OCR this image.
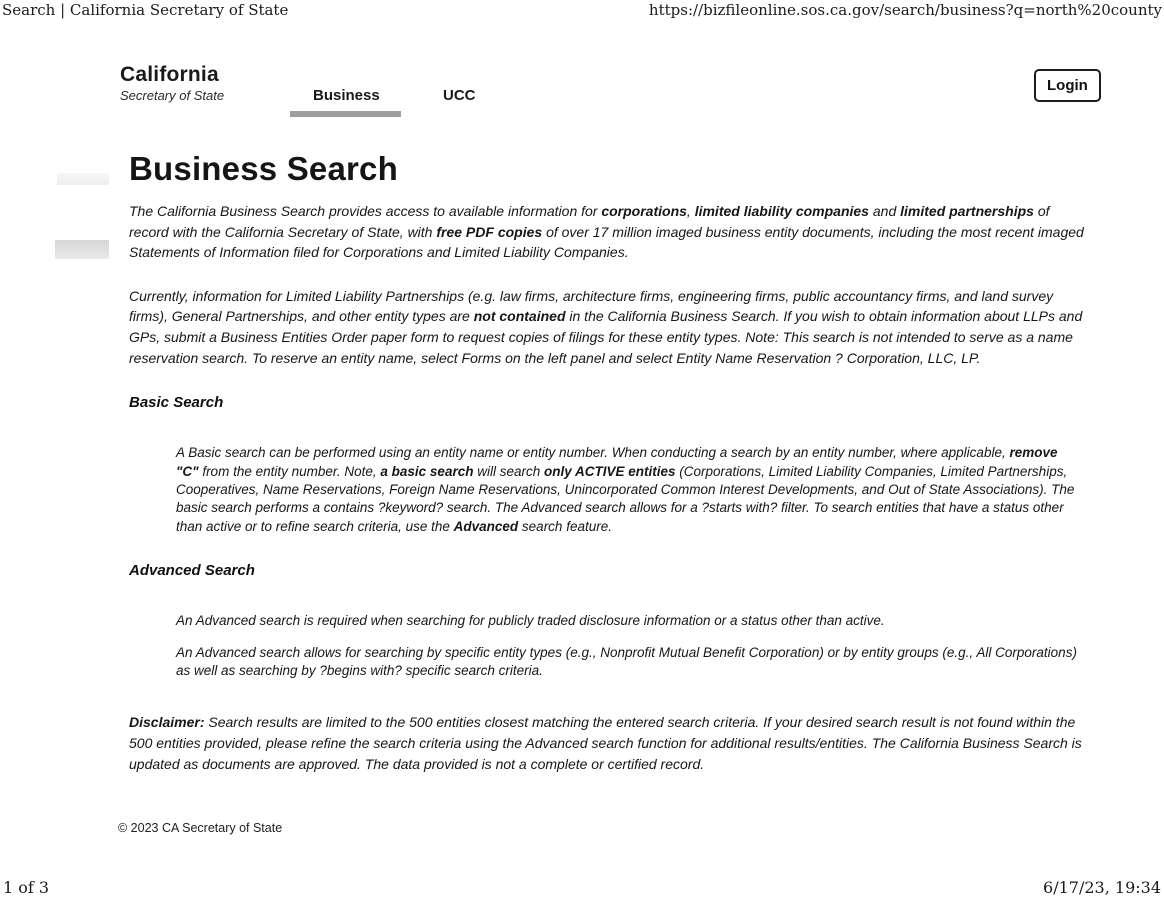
Search | California Secretary of State	https://bizfileonline.sos.ca.gov/search/business?q=north%20county
California
Secretary of State	Business	UCC
Login
Business Search

The California Business Search provides access to available information for corporations, limited liability companies and limited partnerships of record with the California Secretary of State, with free PDF copies of over 17 million imaged business entity documents, including the most recent imaged Statements of Information filed for Corporations and Limited Liability Companies.

Currently, information for Limited Liability Partnerships (e.g. law firms, architecture firms, engineering firms, public accountancy firms, and land survey firms), General Partnerships, and other entity types are not contained in the California Business Search. If you wish to obtain information about LLPs and GPs, submit a Business Entities Order paper form to request copies of filings for these entity types. Note: This search is not intended to serve as a name reservation search. To reserve an entity name, select Forms on the left panel and select Entity Name Reservation ? Corporation, LLC, LP.

Basic Search

A Basic search can be performed using an entity name or entity number. When conducting a search by an entity number, where applicable, remove "C" from the entity number. Note, a basic search will search only ACTIVE entities (Corporations, Limited Liability Companies, Limited Partnerships, Cooperatives, Name Reservations, Foreign Name Reservations, Unincorporated Common Interest Developments, and Out of State Associations). The basic search performs a contains ?keyword? search. The Advanced search allows for a ?starts with? filter. To search entities that have a status other than active or to refine search criteria, use the Advanced search feature.

Advanced Search

An Advanced search is required when searching for publicly traded disclosure information or a status other than active.

An Advanced search allows for searching by specific entity types (e.g., Nonprofit Mutual Benefit Corporation) or by entity groups (e.g., All Corporations) as well as searching by ?begins with? specific search criteria.

Disclaimer: Search results are limited to the 500 entities closest matching the entered search criteria. If your desired search result is not found within the 500 entities provided, please refine the search criteria using the Advanced search function for additional results/entities. The California Business Search is updated as documents are approved. The data provided is not a complete or certified record.

© 2023 CA Secretary of State
1 of 3	6/17/23, 19:34
